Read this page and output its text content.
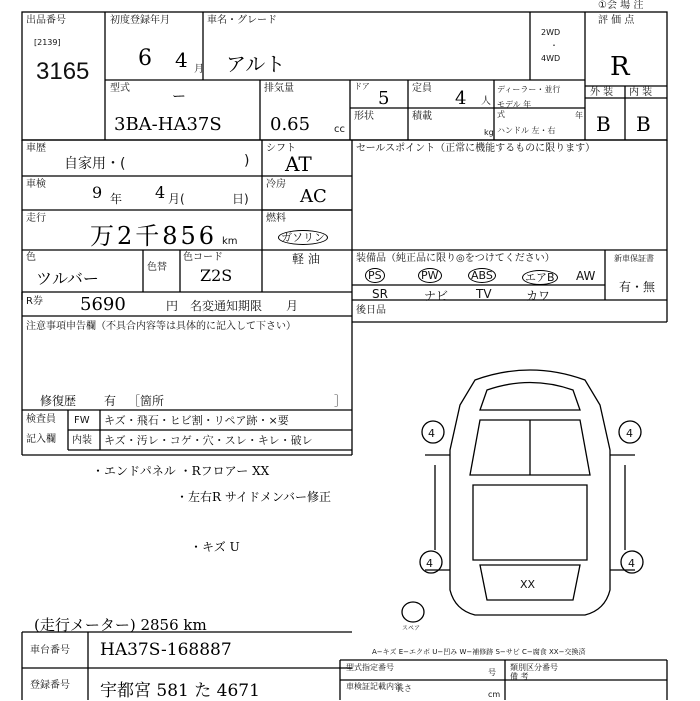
出品番号
[2139]
3165
初度登録年月
6 4 月
車名・グレード
アルト
2WD
・
4WD
①会 場 注
評 価 点
R
型式
ー
3BA-HA37S
排気量
0.65 cc
ドア
5 定員 4 人
形状	積載
kg
ディーラー・並行
モデル 年式	年
ハンドル 左・右
外 装 内 装
B B
車歴
自家用・(	)
車検	9 年 4 月(	日)
走行
万2千856 km
色
ツルバー
色替
色コード
Z2S
シフト
AT
冷房
AC
燃料
ガソリン
軽 油
R券 5690	円 名変通知期限 月
注意事項申告欄（不具合内容等は具体的に記入して下さい）
修復歴 有 ［箇所	］
セールスポイント（正常に機能するものに限ります）
装備品（純正品に限り◎をつけてください）	新車保証書
PS	PW	ABS	エアB AW
SR	ナビ TV	カワ
有・無
後日品
検査員
記入欄
FW キズ・飛石・ヒビ割・リペア跡・×要
内装 キズ・汚レ・コゲ・穴・スレ・キレ・破レ
・エンドパネル ・Rフロアー XX
・左右R サイドメンバー修正
・キズ U
(走行メーター) 2856 km
4	4
4	4
XX
スペア
A−キズ E−エクボ U−凹み W−補修跡 S−サビ C−腐食 XX−交換済
車台番号 HA37S-168887
登録番号 宇都宮 581 た 4671
型式指定番号
号
類別区分番号
備 考
車検証記載内容
長さ
cm
